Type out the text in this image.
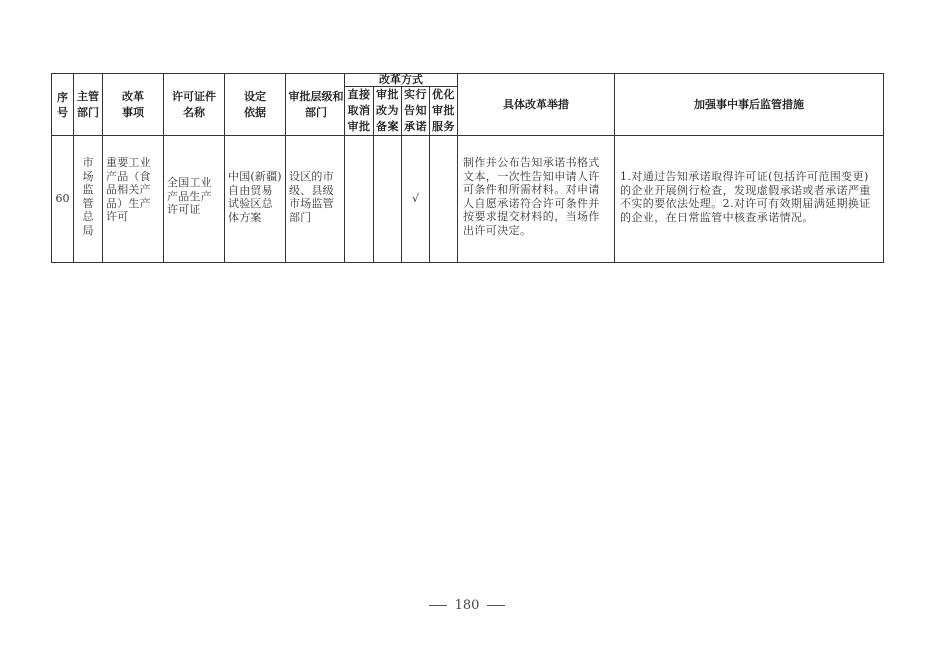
序号	主管部门	改革事项	许可证件名称	设定依据	审批层级和部门	改革方式				具体改革举措	加强事中事后监管措施
						直接取消审批	审批改为备案	实行告知承诺	优化审批服务		
60	市场监管总局	重要工业产品（食品相关产品）生产许可	全国工业产品生产许可证	中国(新疆)自由贸易试验区总体方案	设区的市级、县级市场监管部门			√		制作并公布告知承诺书格式文本，一次性告知申请人许可条件和所需材料。对申请人自愿承诺符合许可条件并按要求提交材料的，当场作出许可决定。	1.对通过告知承诺取得许可证(包括许可范围变更)的企业开展例行检查，发现虚假承诺或者承诺严重不实的要依法处理。2.对许可有效期届满延期换证的企业，在日常监管中核查承诺情况。
180
